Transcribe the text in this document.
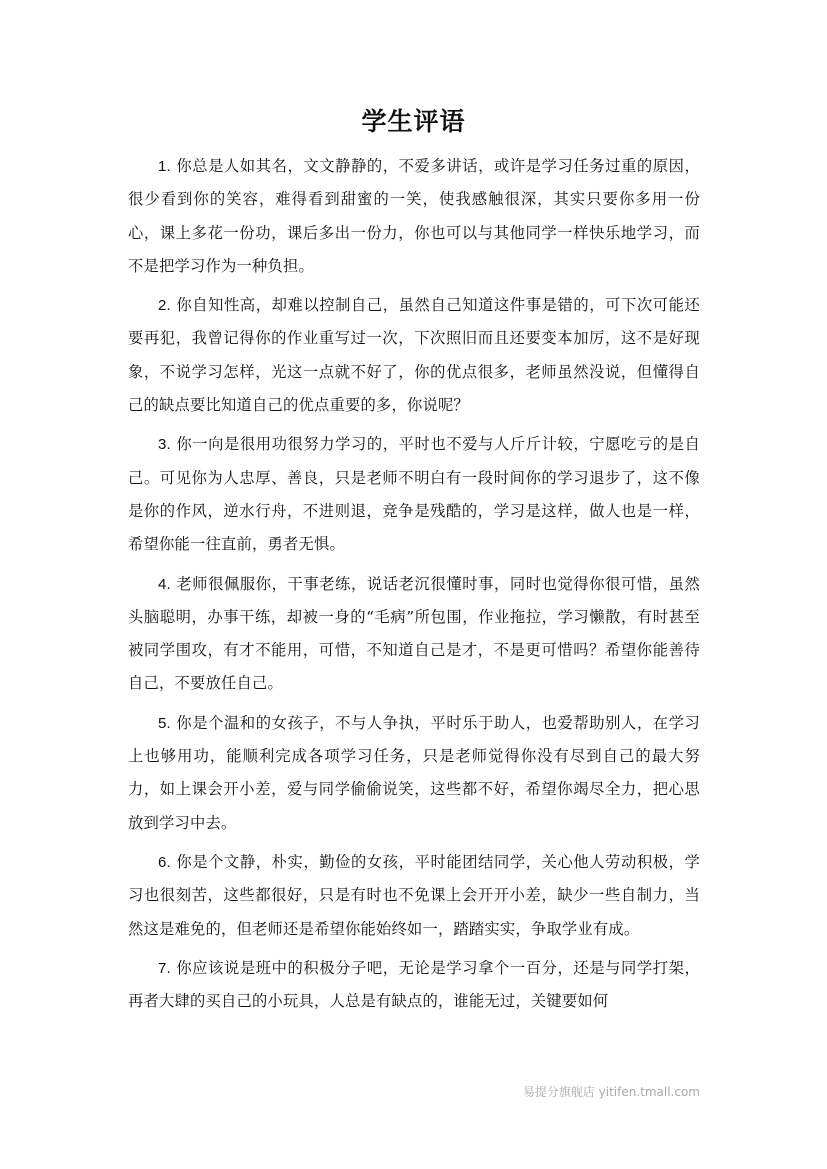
学生评语

1. 你总是人如其名，文文静静的，不爱多讲话，或许是学习任务过重的原因，很少看到你的笑容，难得看到甜蜜的一笑，使我感触很深，其实只要你多用一份心，课上多花一份功，课后多出一份力，你也可以与其他同学一样快乐地学习，而不是把学习作为一种负担。

2. 你自知性高，却难以控制自己，虽然自己知道这件事是错的，可下次可能还要再犯，我曾记得你的作业重写过一次，下次照旧而且还要变本加厉，这不是好现象，不说学习怎样，光这一点就不好了，你的优点很多，老师虽然没说，但懂得自己的缺点要比知道自己的优点重要的多，你说呢？

3. 你一向是很用功很努力学习的，平时也不爱与人斤斤计较，宁愿吃亏的是自己。可见你为人忠厚、善良，只是老师不明白有一段时间你的学习退步了，这不像是你的作风，逆水行舟，不进则退，竞争是残酷的，学习是这样，做人也是一样，希望你能一往直前，勇者无惧。

4. 老师很佩服你，干事老练，说话老沉很懂时事，同时也觉得你很可惜，虽然头脑聪明，办事干练，却被一身的“毛病”所包围，作业拖拉，学习懒散，有时甚至被同学围攻，有才不能用，可惜，不知道自己是才，不是更可惜吗？希望你能善待自己，不要放任自己。

5. 你是个温和的女孩子，不与人争执，平时乐于助人，也爱帮助别人，在学习上也够用功，能顺利完成各项学习任务，只是老师觉得你没有尽到自己的最大努力，如上课会开小差，爱与同学偷偷说笑，这些都不好，希望你竭尽全力，把心思放到学习中去。

6. 你是个文静，朴实，勤俭的女孩，平时能团结同学，关心他人劳动积极，学习也很刻苦，这些都很好，只是有时也不免课上会开开小差，缺少一些自制力，当然这是难免的，但老师还是希望你能始终如一，踏踏实实，争取学业有成。

7. 你应该说是班中的积极分子吧，无论是学习拿个一百分，还是与同学打架，再者大肆的买自己的小玩具，人总是有缺点的，谁能无过，关键要如何

易提分旗舰店 yitifen.tmall.com
